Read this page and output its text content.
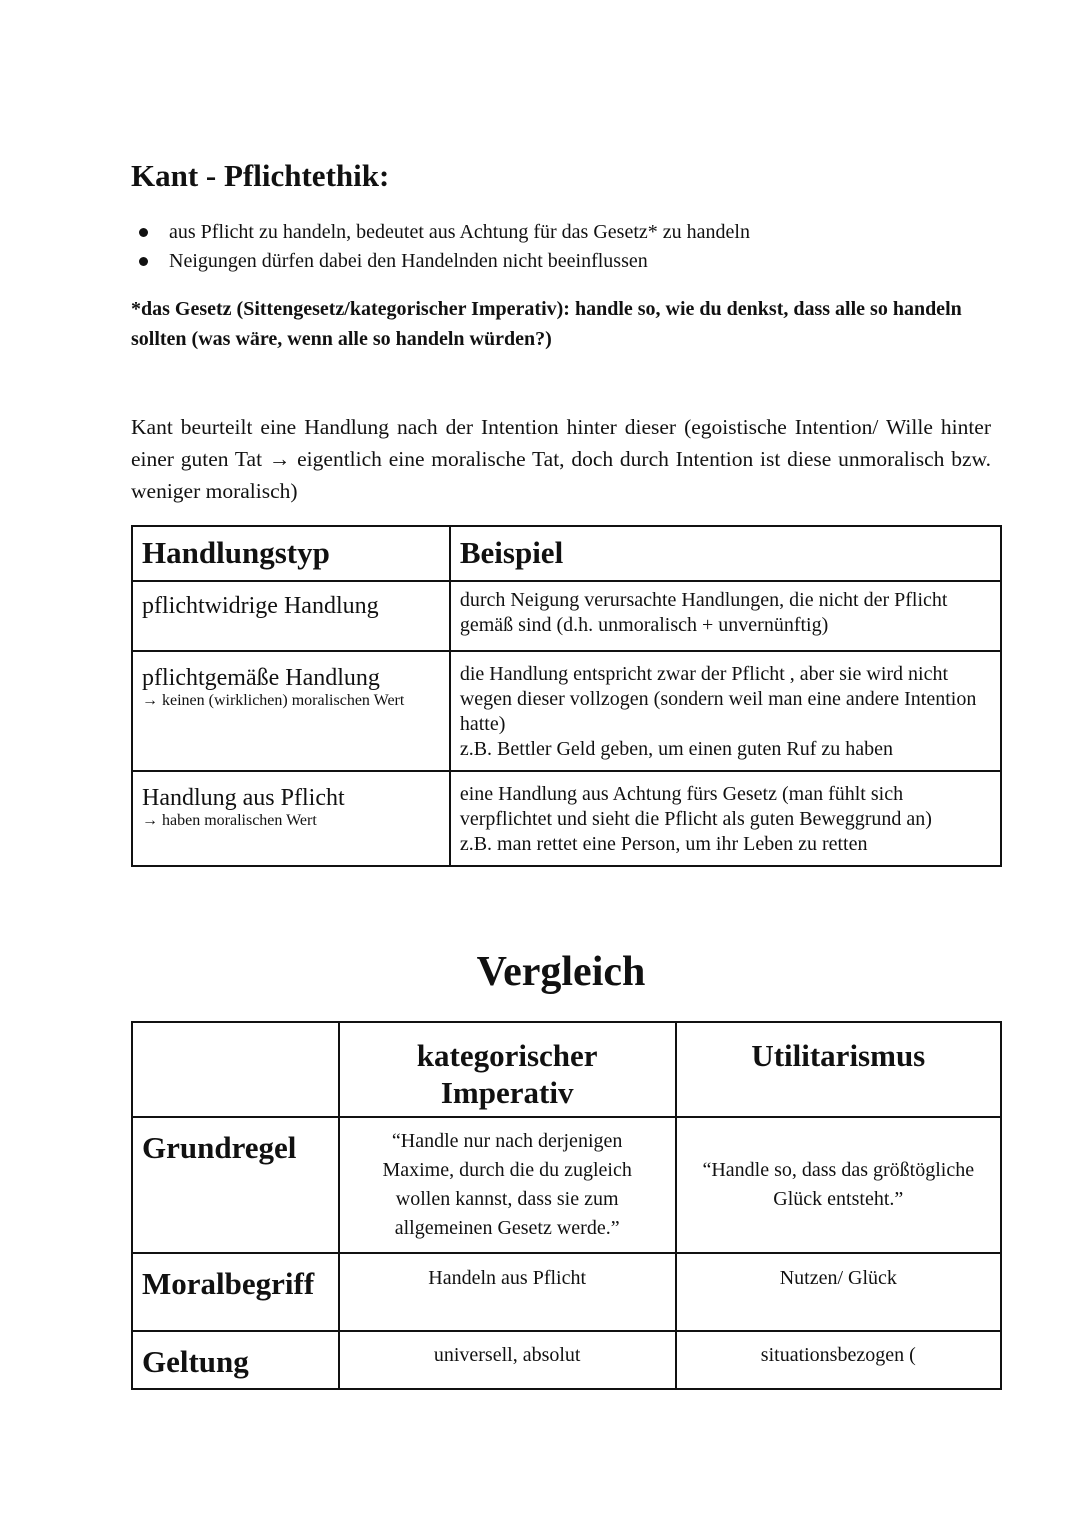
Kant - Pflichtethik:
aus Pflicht zu handeln, bedeutet aus Achtung für das Gesetz* zu handeln
Neigungen dürfen dabei den Handelnden nicht beeinflussen

*das Gesetz (Sittengesetz/kategorischer Imperativ): handle so, wie du denkst, dass alle so handeln sollten (was wäre, wenn alle so handeln würden?)

Kant beurteilt eine Handlung nach der Intention hinter dieser (egoistische Intention/ Wille hinter einer guten Tat → eigentlich eine moralische Tat, doch durch Intention ist diese unmoralisch bzw. weniger moralisch)

Handlungstyp	Beispiel

pflichtwidrige Handlung	durch Neigung verursachte Handlungen, die nicht der Pflicht gemäß sind (d.h. unmoralisch + unvernünftig)

pflichtgemäße Handlung
→ keinen (wirklichen) moralischen Wert	die Handlung entspricht zwar der Pflicht , aber sie wird nicht wegen dieser vollzogen (sondern weil man eine andere Intention hatte)
z.B. Bettler Geld geben, um einen guten Ruf zu haben

Handlung aus Pflicht
→ haben moralischen Wert	eine Handlung aus Achtung fürs Gesetz (man fühlt sich verpflichtet und sieht die Pflicht als guten Beweggrund an)
z.B. man rettet eine Person, um ihr Leben zu retten
Vergleich
	kategorischer Imperativ	Utilitarismus
Grundregel	“Handle nur nach derjenigen Maxime, durch die du zugleich wollen kannst, dass sie zum allgemeinen Gesetz werde.”	“Handle so, dass das größtögliche Glück entsteht.”
Moralbegriff	Handeln aus Pflicht	Nutzen/ Glück
Geltung	universell, absolut	situationsbezogen (
